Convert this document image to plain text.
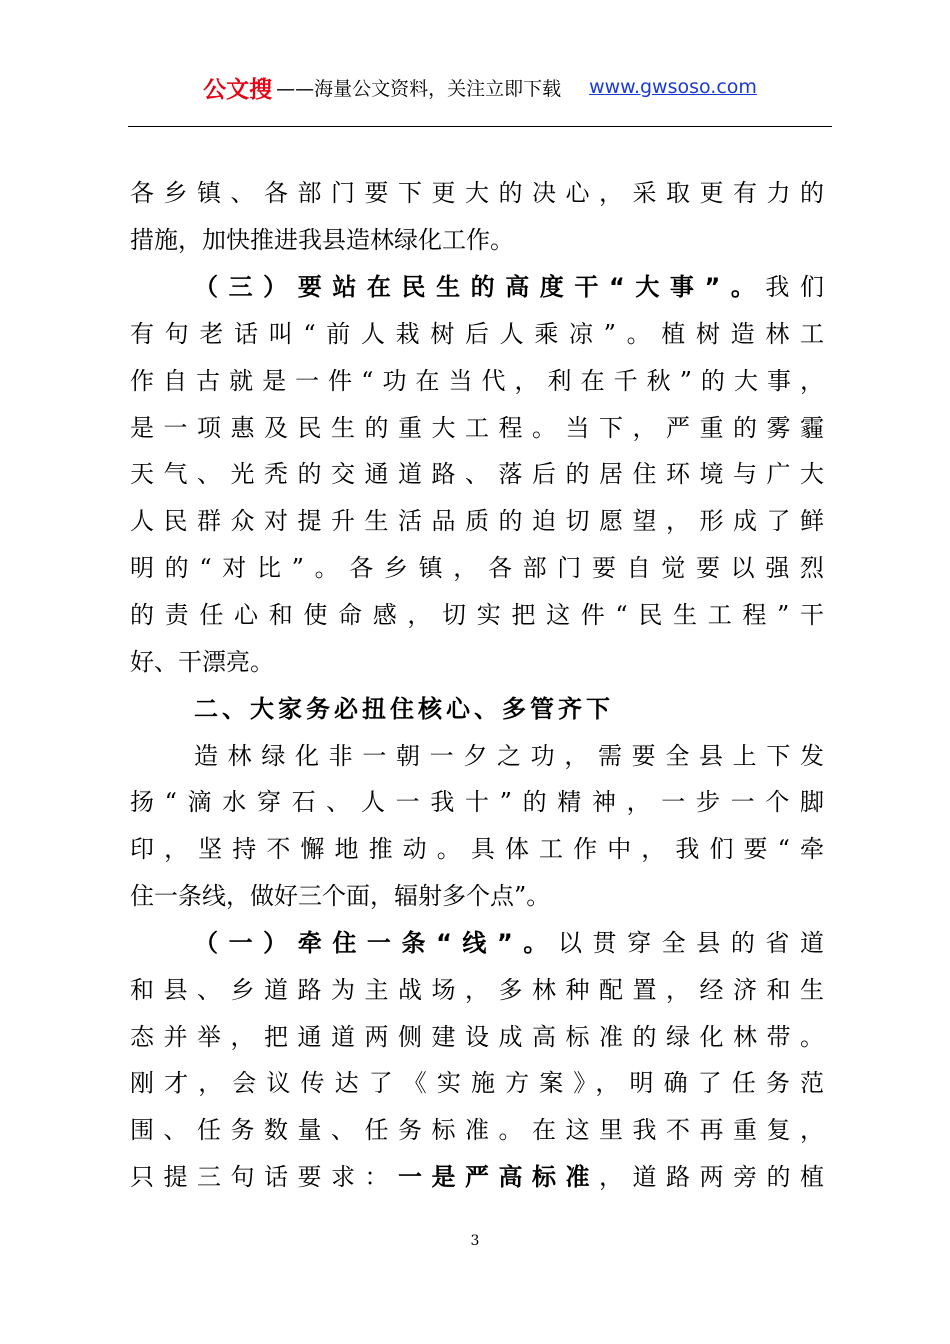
公文搜 ——海量公文资料，关注立即下载 www.gwsoso.com
各乡镇、各部门要下更大的决心，采取更有力的
措施，加快推进我县造林绿化工作。
（三）要站在民生的高度干“大事”。我们
有句老话叫“前人栽树后人乘凉”。植树造林工
作自古就是一件“功在当代，利在千秋”的大事，
是一项惠及民生的重大工程。当下，严重的雾霾
天气、光秃的交通道路、落后的居住环境与广大
人民群众对提升生活品质的迫切愿望，形成了鲜
明的“对比”。各乡镇，各部门要自觉要以强烈
的责任心和使命感，切实把这件“民生工程”干
好、干漂亮。
二、大家务必扭住核心、多管齐下
造林绿化非一朝一夕之功，需要全县上下发
扬“滴水穿石、人一我十”的精神，一步一个脚
印，坚持不懈地推动。具体工作中，我们要“牵
住一条线，做好三个面，辐射多个点”。
（一）牵住一条“线”。以贯穿全县的省道
和县、乡道路为主战场，多林种配置，经济和生
态并举，把通道两侧建设成高标准的绿化林带。
刚才，会议传达了《实施方案》，明确了任务范
围、任务数量、任务标准。在这里我不再重复，
只提三句话要求：一是严高标准，道路两旁的植
3
